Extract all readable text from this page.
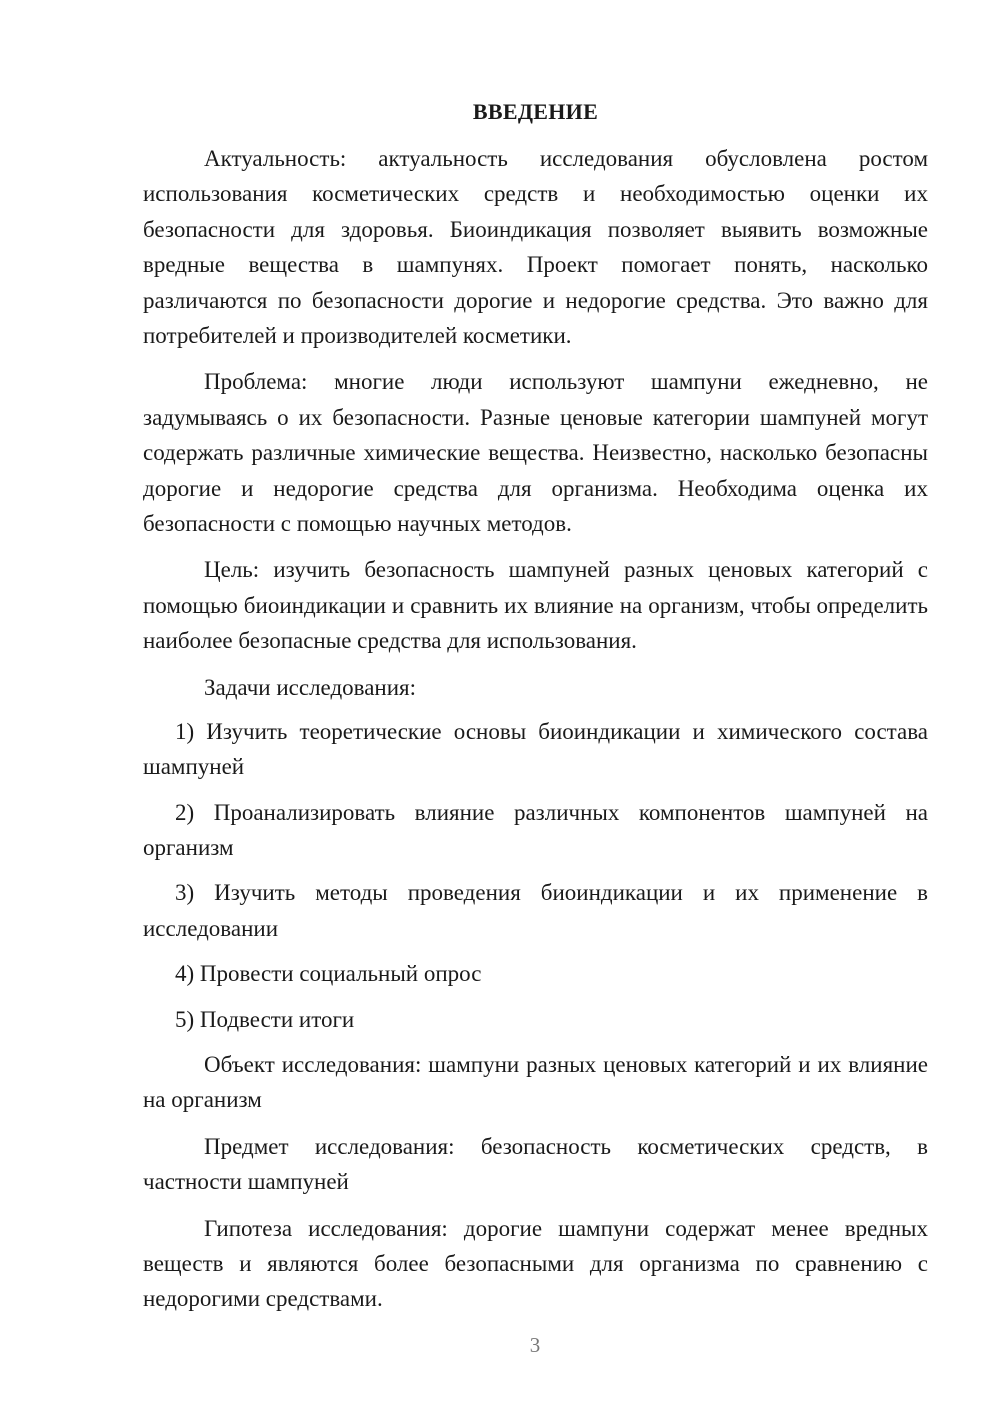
ВВЕДЕНИЕ

Актуальность: актуальность исследования обусловлена ростом использования косметических средств и необходимостью оценки их безопасности для здоровья. Биоиндикация позволяет выявить возможные вредные вещества в шампунях. Проект помогает понять, насколько различаются по безопасности дорогие и недорогие средства. Это важно для потребителей и производителей косметики.

Проблема: многие люди используют шампуни ежедневно, не задумываясь о их безопасности. Разные ценовые категории шампуней могут содержать различные химические вещества. Неизвестно, насколько безопасны дорогие и недорогие средства для организма. Необходима оценка их безопасности с помощью научных методов.

Цель: изучить безопасность шампуней разных ценовых категорий с помощью биоиндикации и сравнить их влияние на организм, чтобы определить наиболее безопасные средства для использования.

Задачи исследования:

1) Изучить теоретические основы биоиндикации и химического состава шампуней

2) Проанализировать влияние различных компонентов шампуней на организм

3) Изучить методы проведения биоиндикации и их применение в исследовании

4) Провести социальный опрос

5) Подвести итоги

Объект исследования: шампуни разных ценовых категорий и их влияние на организм

Предмет исследования: безопасность косметических средств, в частности шампуней

Гипотеза исследования: дорогие шампуни содержат менее вредных веществ и являются более безопасными для организма по сравнению с недорогими средствами.

3
